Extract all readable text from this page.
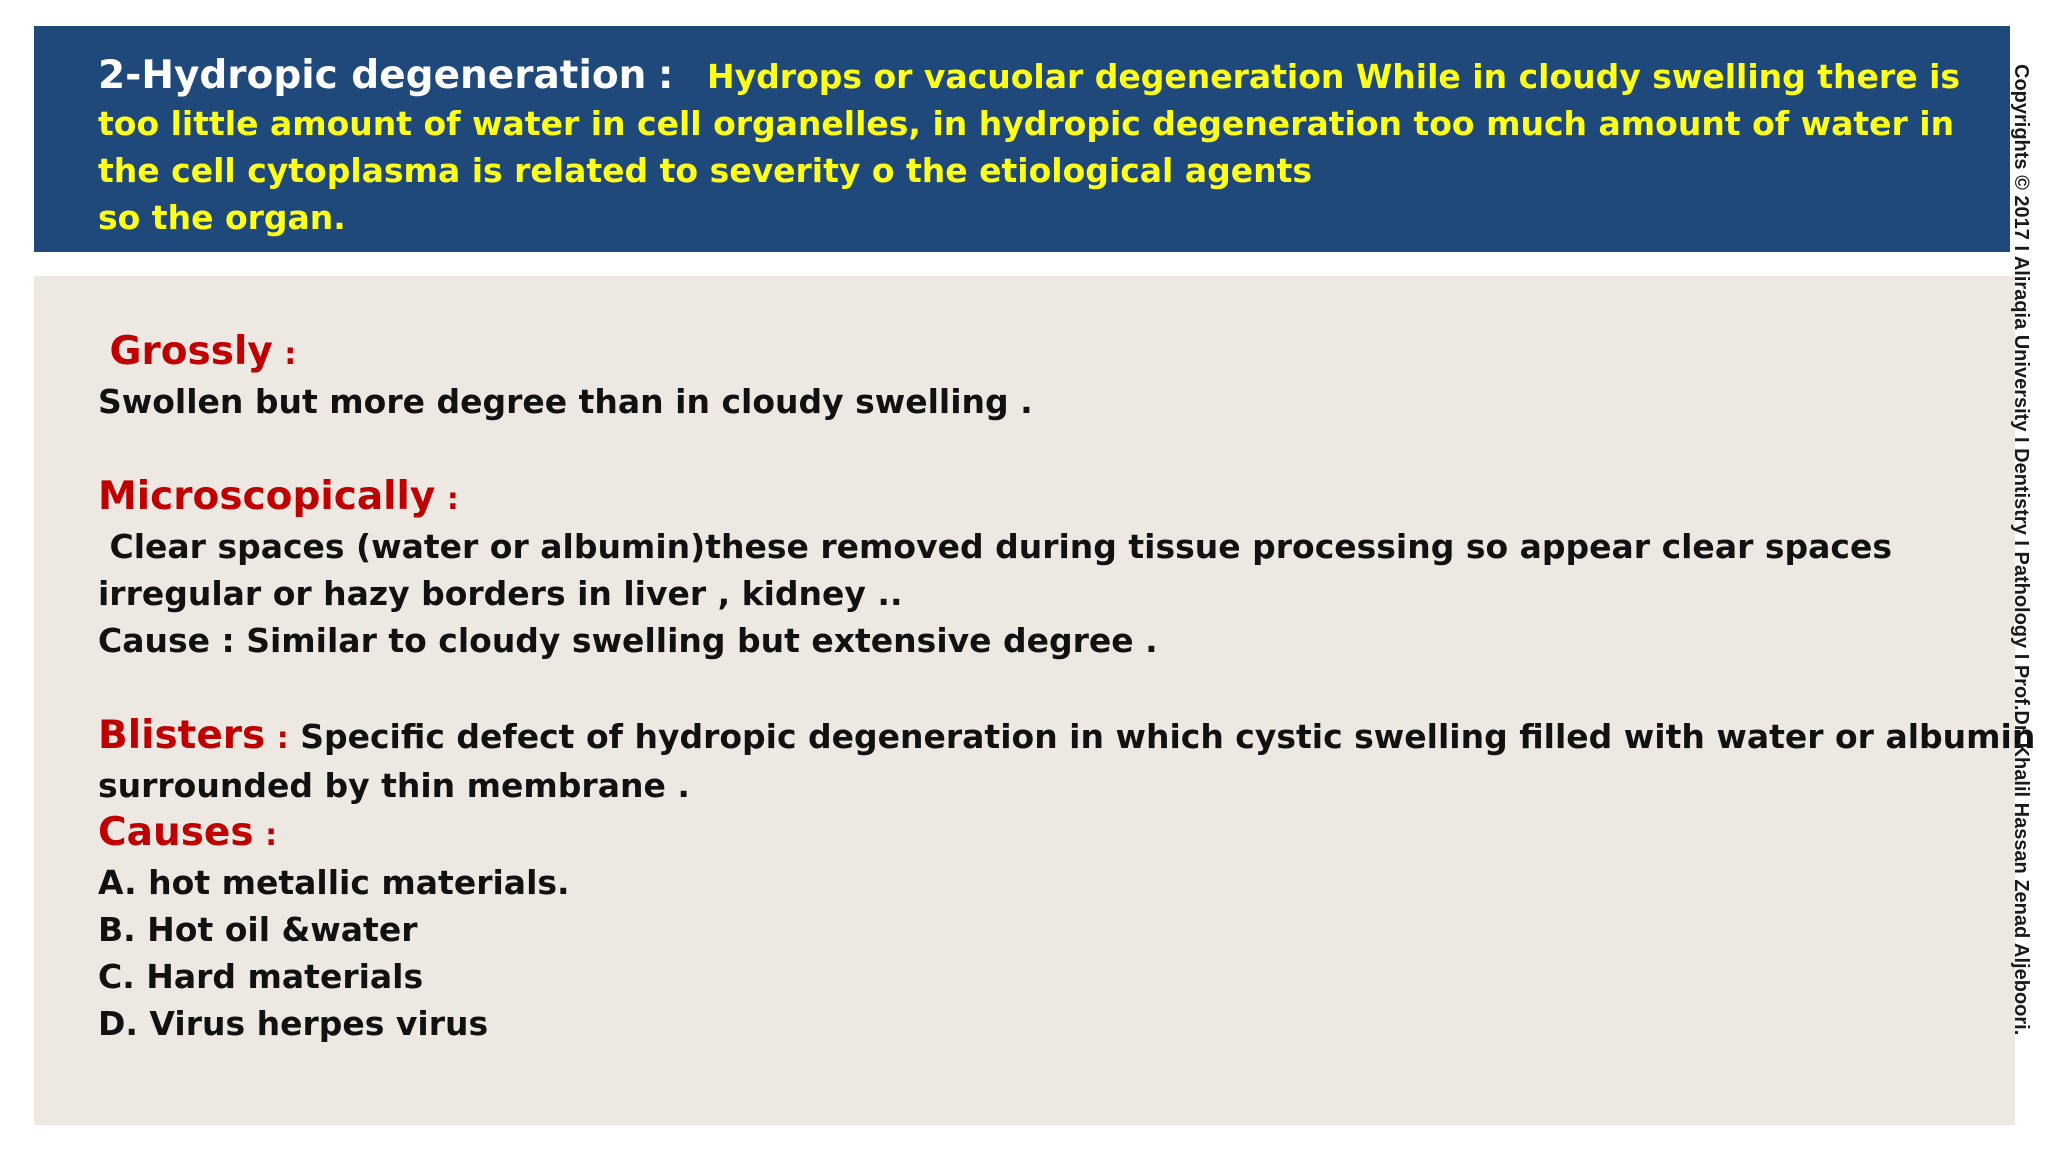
2-Hydropic degeneration : Hydrops or vacuolar degeneration While in cloudy swelling there is too little amount of water in cell organelles, in hydropic degeneration too much amount of water in the cell cytoplasma is related to severity o the etiological agents
so the organ.

Grossly :

Swollen but more degree than in cloudy swelling .

Microscopically :

Clear spaces (water or albumin)these removed during tissue processing so appear clear spaces

irregular or hazy borders in liver , kidney ..

Cause : Similar to cloudy swelling but extensive degree .

Blisters : Specific defect of hydropic degeneration in which cystic swelling filled with water or albumin

surrounded by thin membrane .

Causes :

A. hot metallic materials.

B. Hot oil &water

C. Hard materials

D. Virus herpes virus	Copyrights © 2017 I Aliraqia University I Dentistry I Pathology I Prof.Dr. Khalil Hassan Zenad Aljeboori.
